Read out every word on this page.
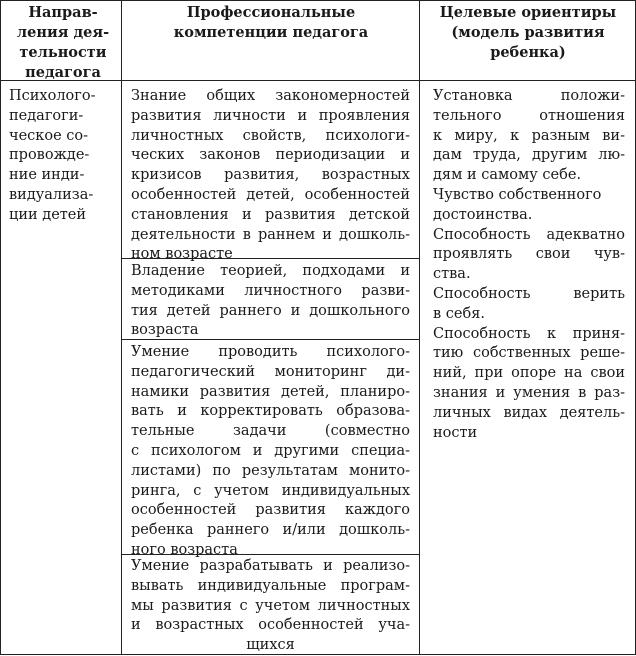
Направ-
ления дея-
тельности
педагога
Профессиональные
компетенции педагога
Целевые ориентиры
(модель развития
ребенка)
Психолого-
педагоги-
ческое со-
провожде-
ние инди-
видуализа-
ции детей
Знание общих закономерностей
развития личности и проявления
личностных свойств, психологи-
ческих законов периодизации и
кризисов развития, возрастных
особенностей детей, особенностей
становления и развития детской
деятельности в раннем и дошколь-
ном возрасте
Владение теорией, подходами и
методиками личностного разви-
тия детей раннего и дошкольного
возраста
Умение проводить психолого-
педагогический мониторинг ди-
намики развития детей, планиро-
вать и корректировать образова-
тельные задачи (совместно
с психологом и другими специа-
листами) по результатам монито-
ринга, с учетом индивидуальных
особенностей развития каждого
ребенка раннего и/или дошколь-
ного возраста
Умение разрабатывать и реализо-
вывать индивидуальные програм-
мы развития с учетом личностных
и возрастных особенностей уча-
щихся

Установка положи-
тельного отношения
к миру, к разным ви-
дам труда, другим лю-
дям и самому себе.

Чувство собственного
достоинства.

Способность адекватно
проявлять свои чув-
ства.

Способность верить
в себя.

Способность к приня-
тию собственных реше-
ний, при опоре на свои
знания и умения в раз-
личных видах деятель-
ности
